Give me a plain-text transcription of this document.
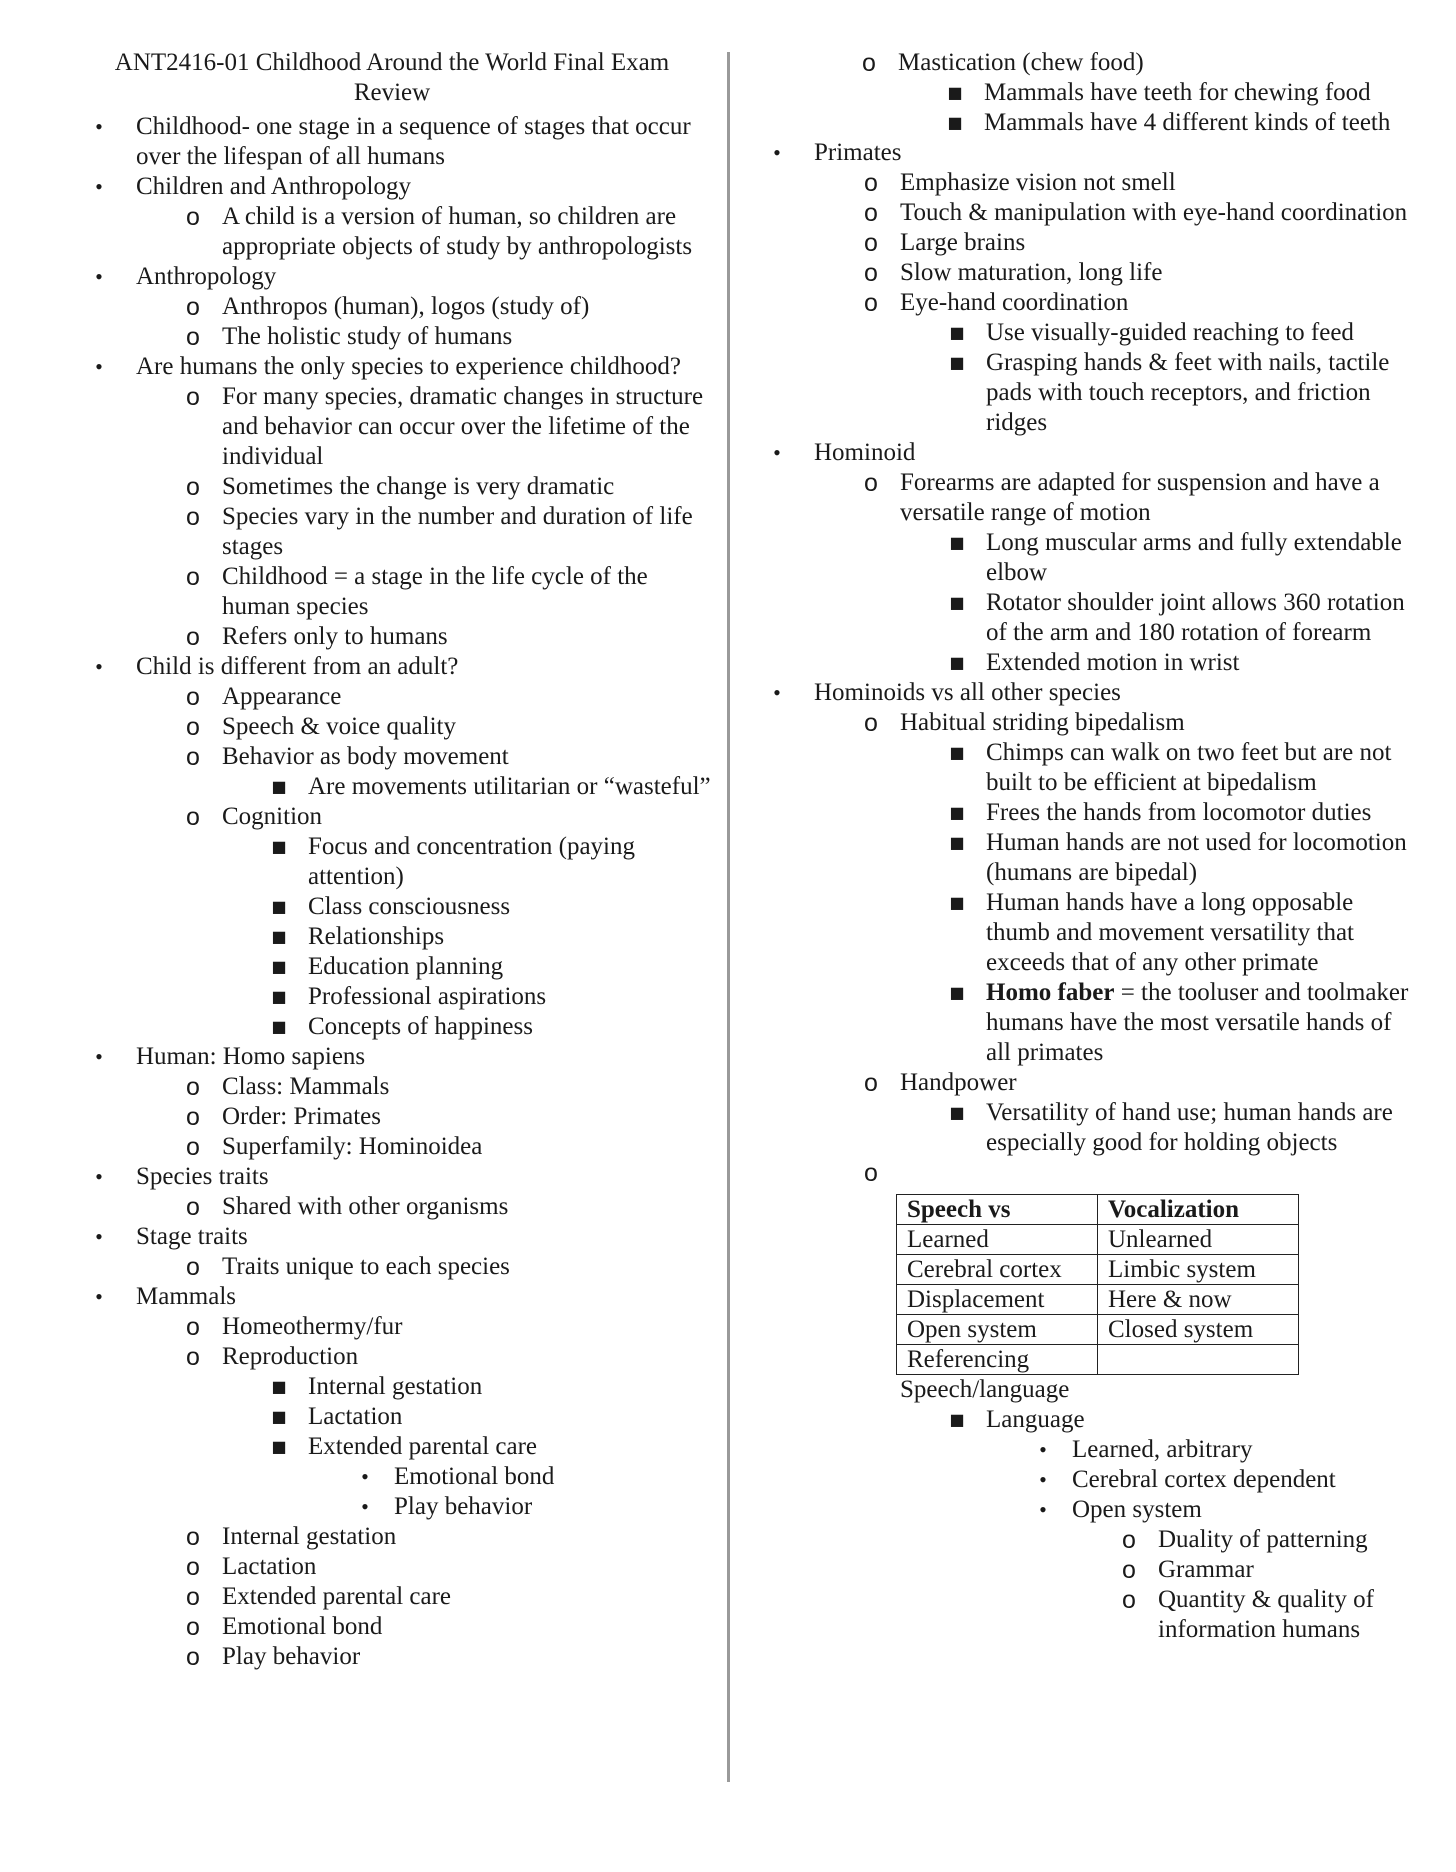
ANT2416-01 Childhood Around the World Final Exam
Review
•	Childhood- one stage in a sequence of stages that occur over the lifespan of all humans
•	Children and Anthropology
o A child is a version of human, so children are appropriate objects of study by anthropologists
•	Anthropology
o Anthropos (human), logos (study of)
o The holistic study of humans
•	Are humans the only species to experience childhood?
o For many species, dramatic changes in structure and behavior can occur over the lifetime of the individual
o Sometimes the change is very dramatic
o Species vary in the number and duration of life stages
o Childhood = a stage in the life cycle of the human species
o Refers only to humans
•	Child is different from an adult?
o Appearance
o Speech & voice quality
o Behavior as body movement
■ Are movements utilitarian or “wasteful”
o Cognition
■ Focus and concentration (paying attention)
■ Class consciousness
■ Relationships
■ Education planning
■ Professional aspirations
■ Concepts of happiness
•	Human: Homo sapiens
o Class: Mammals
o Order: Primates
o Superfamily: Hominoidea
•	Species traits
o Shared with other organisms
•	Stage traits
o Traits unique to each species
•	Mammals
o Homeothermy/fur
o Reproduction
■ Internal gestation
■ Lactation
■ Extended parental care
•	Emotional bond
•	Play behavior
o Internal gestation
o Lactation
o Extended parental care
o Emotional bond
o Play behavior
o Mastication (chew food)
■ Mammals have teeth for chewing food
■ Mammals have 4 different kinds of teeth
•	Primates
o Emphasize vision not smell
o Touch & manipulation with eye-hand coordination
o Large brains
o Slow maturation, long life
o Eye-hand coordination
■ Use visually-guided reaching to feed
■ Grasping hands & feet with nails, tactile pads with touch receptors, and friction ridges
•	Hominoid
o Forearms are adapted for suspension and have a versatile range of motion
■ Long muscular arms and fully extendable elbow
■ Rotator shoulder joint allows 360 rotation of the arm and 180 rotation of forearm
■ Extended motion in wrist
•	Hominoids vs all other species
o Habitual striding bipedalism
■ Chimps can walk on two feet but are not built to be efficient at bipedalism
■ Frees the hands from locomotor duties
■ Human hands are not used for locomotion (humans are bipedal)
■ Human hands have a long opposable thumb and movement versatility that exceeds that of any other primate
■ Homo faber = the tooluser and toolmaker humans have the most versatile hands of all primates
o Handpower
■ Versatility of hand use; human hands are especially good for holding objects
o

Speech vs	Vocalization
Learned	Unlearned
Cerebral cortex	Limbic system
Displacement	Here & now
Open system	Closed system
Referencing	
Speech/language
■ Language
•	Learned, arbitrary
•	Cerebral cortex dependent
•	Open system
o Duality of patterning
o Grammar
o Quantity & quality of information humans
